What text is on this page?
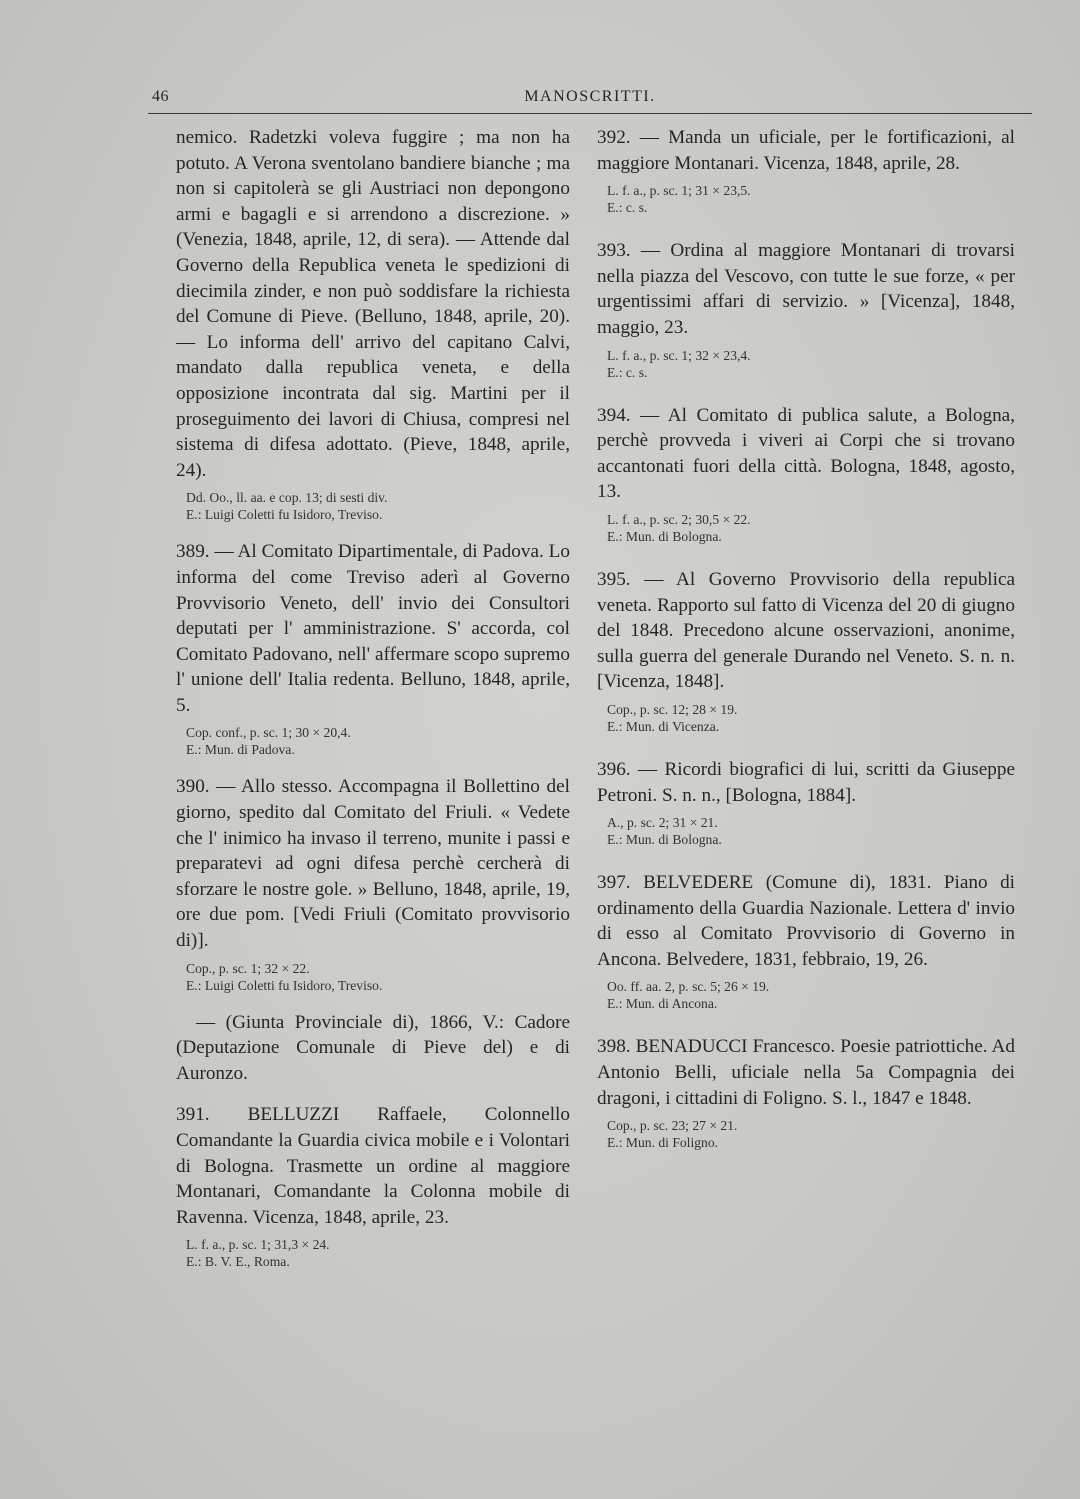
46	MANOSCRITTI.
nemico. Radetzki voleva fuggire ; ma non ha potuto. A Verona sventolano bandiere bianche ; ma non si capitolerà se gli Austriaci non depongono armi e bagagli e si arrendono a discrezione. » (Venezia, 1848, aprile, 12, di sera). — Attende dal Governo della Republica veneta le spedizioni di diecimila zinder, e non può soddisfare la richiesta del Comune di Pieve. (Belluno, 1848, aprile, 20). — Lo informa dell' arrivo del capitano Calvi, mandato dalla republica veneta, e della opposizione incontrata dal sig. Martini per il proseguimento dei lavori di Chiusa, compresi nel sistema di difesa adottato. (Pieve, 1848, aprile, 24).
Dd. Oo., ll. aa. e cop. 13; di sesti div.
E.: Luigi Coletti fu Isidoro, Treviso.
389. — Al Comitato Dipartimentale, di Padova. Lo informa del come Treviso aderì al Governo Provvisorio Veneto, dell' invio dei Consultori deputati per l' amministrazione. S' accorda, col Comitato Padovano, nell' affermare scopo supremo l' unione dell' Italia redenta. Belluno, 1848, aprile, 5.
Cop. conf., p. sc. 1; 30 × 20,4.
E.: Mun. di Padova.
390. — Allo stesso. Accompagna il Bollettino del giorno, spedito dal Comitato del Friuli. « Vedete che l' inimico ha invaso il terreno, munite i passi e preparatevi ad ogni difesa perchè cercherà di sforzare le nostre gole. » Belluno, 1848, aprile, 19, ore due pom. [Vedi Friuli (Comitato provvisorio di)].
Cop., p. sc. 1; 32 × 22.
E.: Luigi Coletti fu Isidoro, Treviso.
— (Giunta Provinciale di), 1866, V.: Cadore (Deputazione Comunale di Pieve del) e di Auronzo.
391. BELLUZZI Raffaele, Colonnello Comandante la Guardia civica mobile e i Volontari di Bologna. Trasmette un ordine al maggiore Montanari, Comandante la Colonna mobile di Ravenna. Vicenza, 1848, aprile, 23.
L. f. a., p. sc. 1; 31,3 × 24.
E.: B. V. E., Roma.
392. — Manda un uficiale, per le fortificazioni, al maggiore Montanari. Vicenza, 1848, aprile, 28.
L. f. a., p. sc. 1; 31 × 23,5.
E.: c. s.
393. — Ordina al maggiore Montanari di trovarsi nella piazza del Vescovo, con tutte le sue forze, « per urgentissimi affari di servizio. » [Vicenza], 1848, maggio, 23.
L. f. a., p. sc. 1; 32 × 23,4.
E.: c. s.
394. — Al Comitato di publica salute, a Bologna, perchè provveda i viveri ai Corpi che si trovano accantonati fuori della città. Bologna, 1848, agosto, 13.
L. f. a., p. sc. 2; 30,5 × 22.
E.: Mun. di Bologna.
395. — Al Governo Provvisorio della republica veneta. Rapporto sul fatto di Vicenza del 20 di giugno del 1848. Precedono alcune osservazioni, anonime, sulla guerra del generale Durando nel Veneto. S. n. n. [Vicenza, 1848].
Cop., p. sc. 12; 28 × 19.
E.: Mun. di Vicenza.
396. — Ricordi biografici di lui, scritti da Giuseppe Petroni. S. n. n., [Bologna, 1884].
A., p. sc. 2; 31 × 21.
E.: Mun. di Bologna.
397. BELVEDERE (Comune di), 1831. Piano di ordinamento della Guardia Nazionale. Lettera d' invio di esso al Comitato Provvisorio di Governo in Ancona. Belvedere, 1831, febbraio, 19, 26.
Oo. ff. aa. 2, p. sc. 5; 26 × 19.
E.: Mun. di Ancona.
398. BENADUCCI Francesco. Poesie patriottiche. Ad Antonio Belli, uficiale nella 5a Compagnia dei dragoni, i cittadini di Foligno. S. l., 1847 e 1848.
Cop., p. sc. 23; 27 × 21.
E.: Mun. di Foligno.
